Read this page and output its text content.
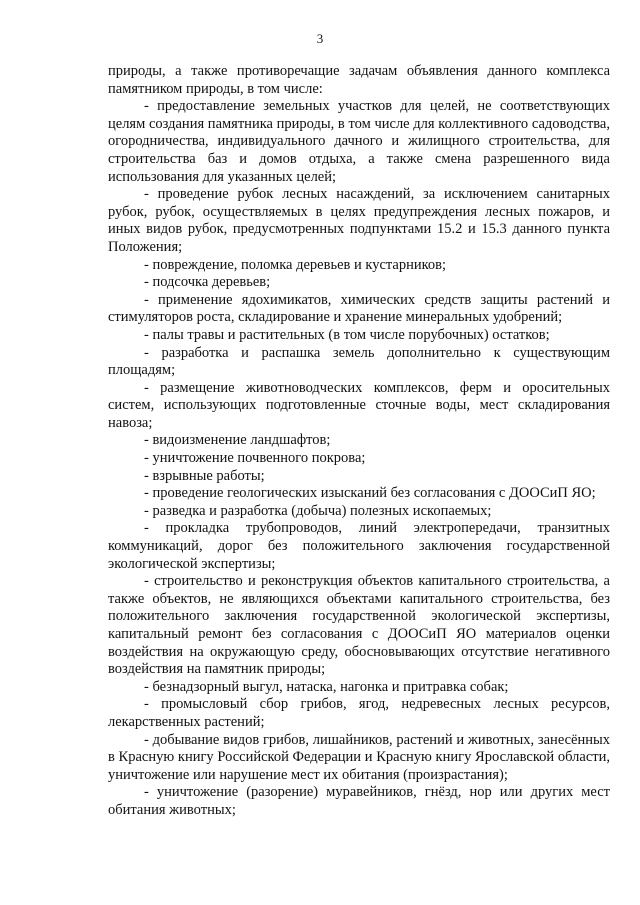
3

природы, а также противоречащие задачам объявления данного комплекса памятником природы, в том числе:

- предоставление земельных участков для целей, не соответствующих целям создания памятника природы, в том числе для коллективного садоводства, огородничества, индивидуального дачного и жилищного строительства, для строительства баз и домов отдыха, а также смена разрешенного вида использования для указанных целей;

- проведение рубок лесных насаждений, за исключением санитарных рубок, рубок, осуществляемых в целях предупреждения лесных пожаров, и иных видов рубок, предусмотренных подпунктами 15.2 и 15.3 данного пункта Положения;

- повреждение, поломка деревьев и кустарников;

- подсочка деревьев;

- применение ядохимикатов, химических средств защиты растений и стимуляторов роста, складирование и хранение минеральных удобрений;

- палы травы и растительных (в том числе порубочных) остатков;

- разработка и распашка земель дополнительно к существующим площадям;

- размещение животноводческих комплексов, ферм и оросительных систем, использующих подготовленные сточные воды, мест складирования навоза;

- видоизменение ландшафтов;

- уничтожение почвенного покрова;

- взрывные работы;

- проведение геологических изысканий без согласования с ДООСиП ЯО;

- разведка и разработка (добыча) полезных ископаемых;

- прокладка трубопроводов, линий электропередачи, транзитных коммуникаций, дорог без положительного заключения государственной экологической экспертизы;

- строительство и реконструкция объектов капитального строительства, а также объектов, не являющихся объектами капитального строительства, без положительного заключения государственной экологической экспертизы, капитальный ремонт без согласования с ДООСиП ЯО материалов оценки воздействия на окружающую среду, обосновывающих отсутствие негативного воздействия на памятник природы;

- безнадзорный выгул, натаска, нагонка и притравка собак;

- промысловый сбор грибов, ягод, недревесных лесных ресурсов, лекарственных растений;

- добывание видов грибов, лишайников, растений и животных, занесённых в Красную книгу Российской Федерации и Красную книгу Ярославской области, уничтожение или нарушение мест их обитания (произрастания);

- уничтожение (разорение) муравейников, гнёзд, нор или других мест обитания животных;
